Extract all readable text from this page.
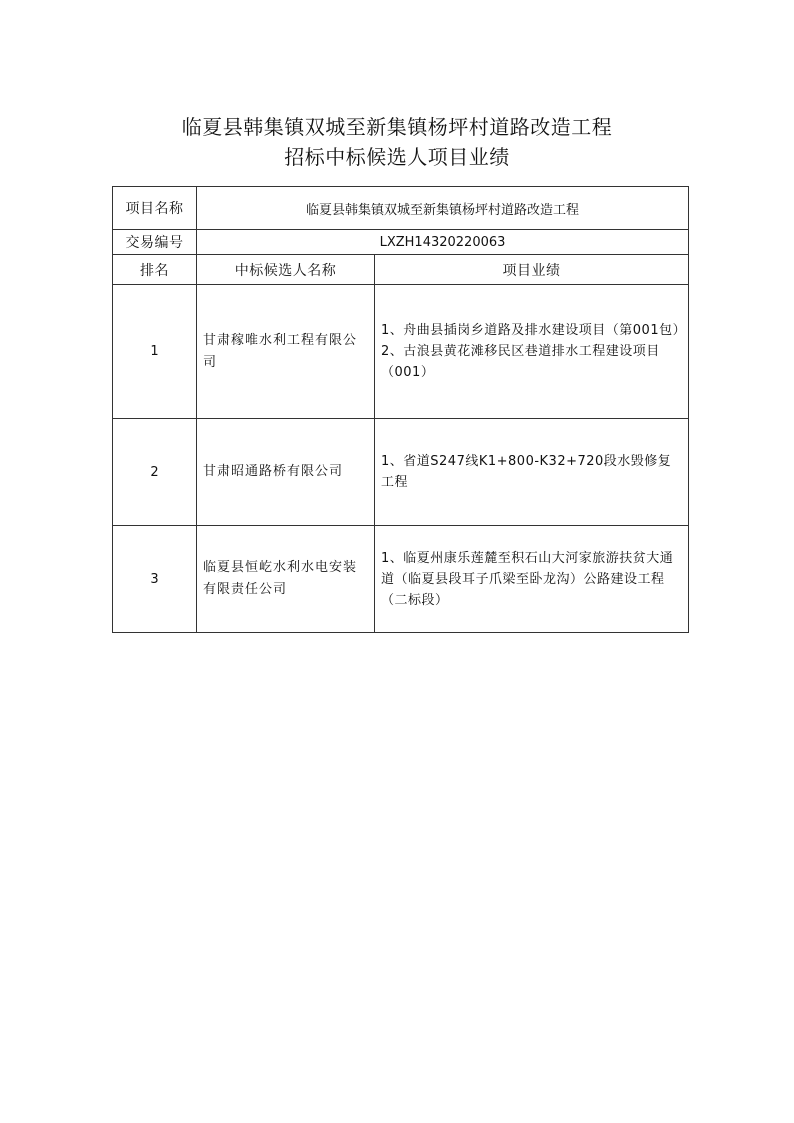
临夏县韩集镇双城至新集镇杨坪村道路改造工程
招标中标候选人项目业绩
项目名称	临夏县韩集镇双城至新集镇杨坪村道路改造工程	
交易编号	LXZH14320220063	
排名	中标候选人名称	项目业绩
1	甘肃稼唯水利工程有限公司	1、舟曲县插岗乡道路及排水建设项目（第001包）
2、古浪县黄花滩移民区巷道排水工程建设项目（001）

2	甘肃昭通路桥有限公司	1、省道S247线K1+800-K32+720段水毁修复工程

3	临夏县恒屹水利水电安装有限责任公司	1、临夏州康乐莲麓至积石山大河家旅游扶贫大通道（临夏县段耳子爪梁至卧龙沟）公路建设工程（二标段）
